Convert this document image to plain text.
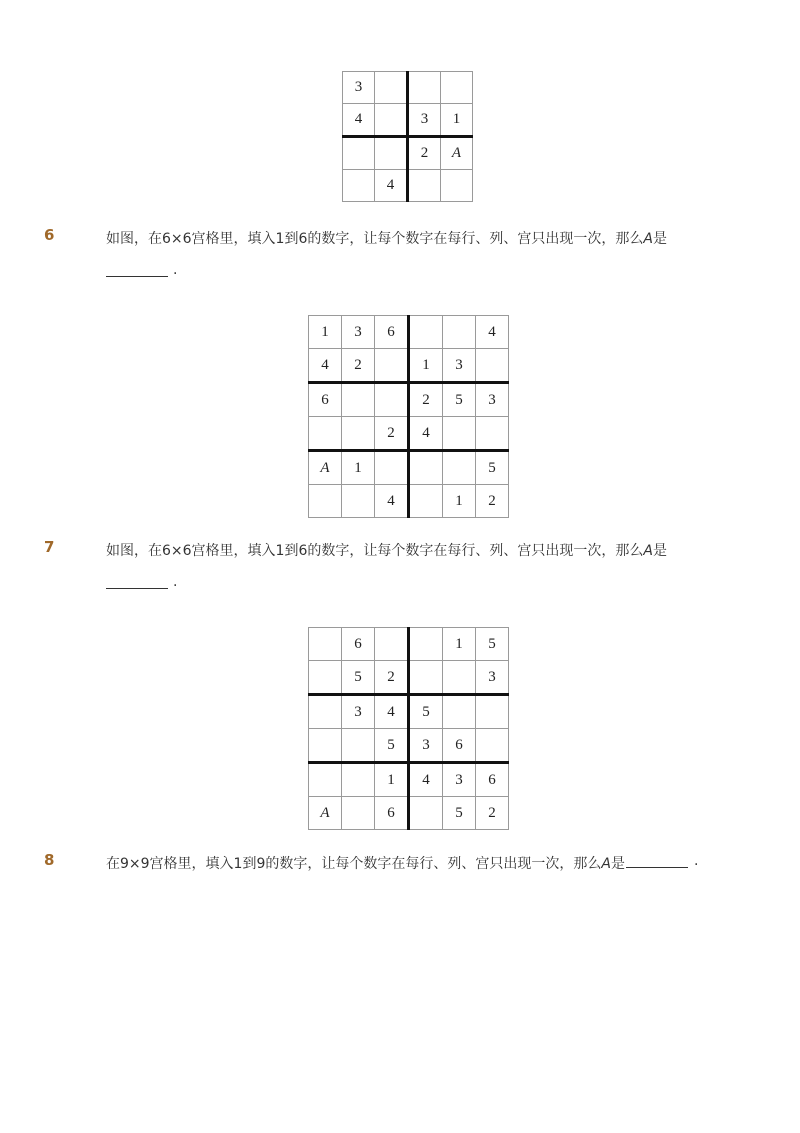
3			
4		3	1
		2	A
	4		
6	如图，在6×6宫格里，填入1到6的数字，让每个数字在每行、列、宫只出现一次，那么A是
.
1	3	6			4
4	2		1	3	
6			2	5	3
		2	4		
A	1				5
		4		1	2
7	如图，在6×6宫格里，填入1到6的数字，让每个数字在每行、列、宫只出现一次，那么A是
.
	6			1	5
	5	2			3
	3	4	5		
		5	3	6	
		1	4	3	6
A		6		5	2
8	在9×9宫格里，填入1到9的数字，让每个数字在每行、列、宫只出现一次，那么A是	.
